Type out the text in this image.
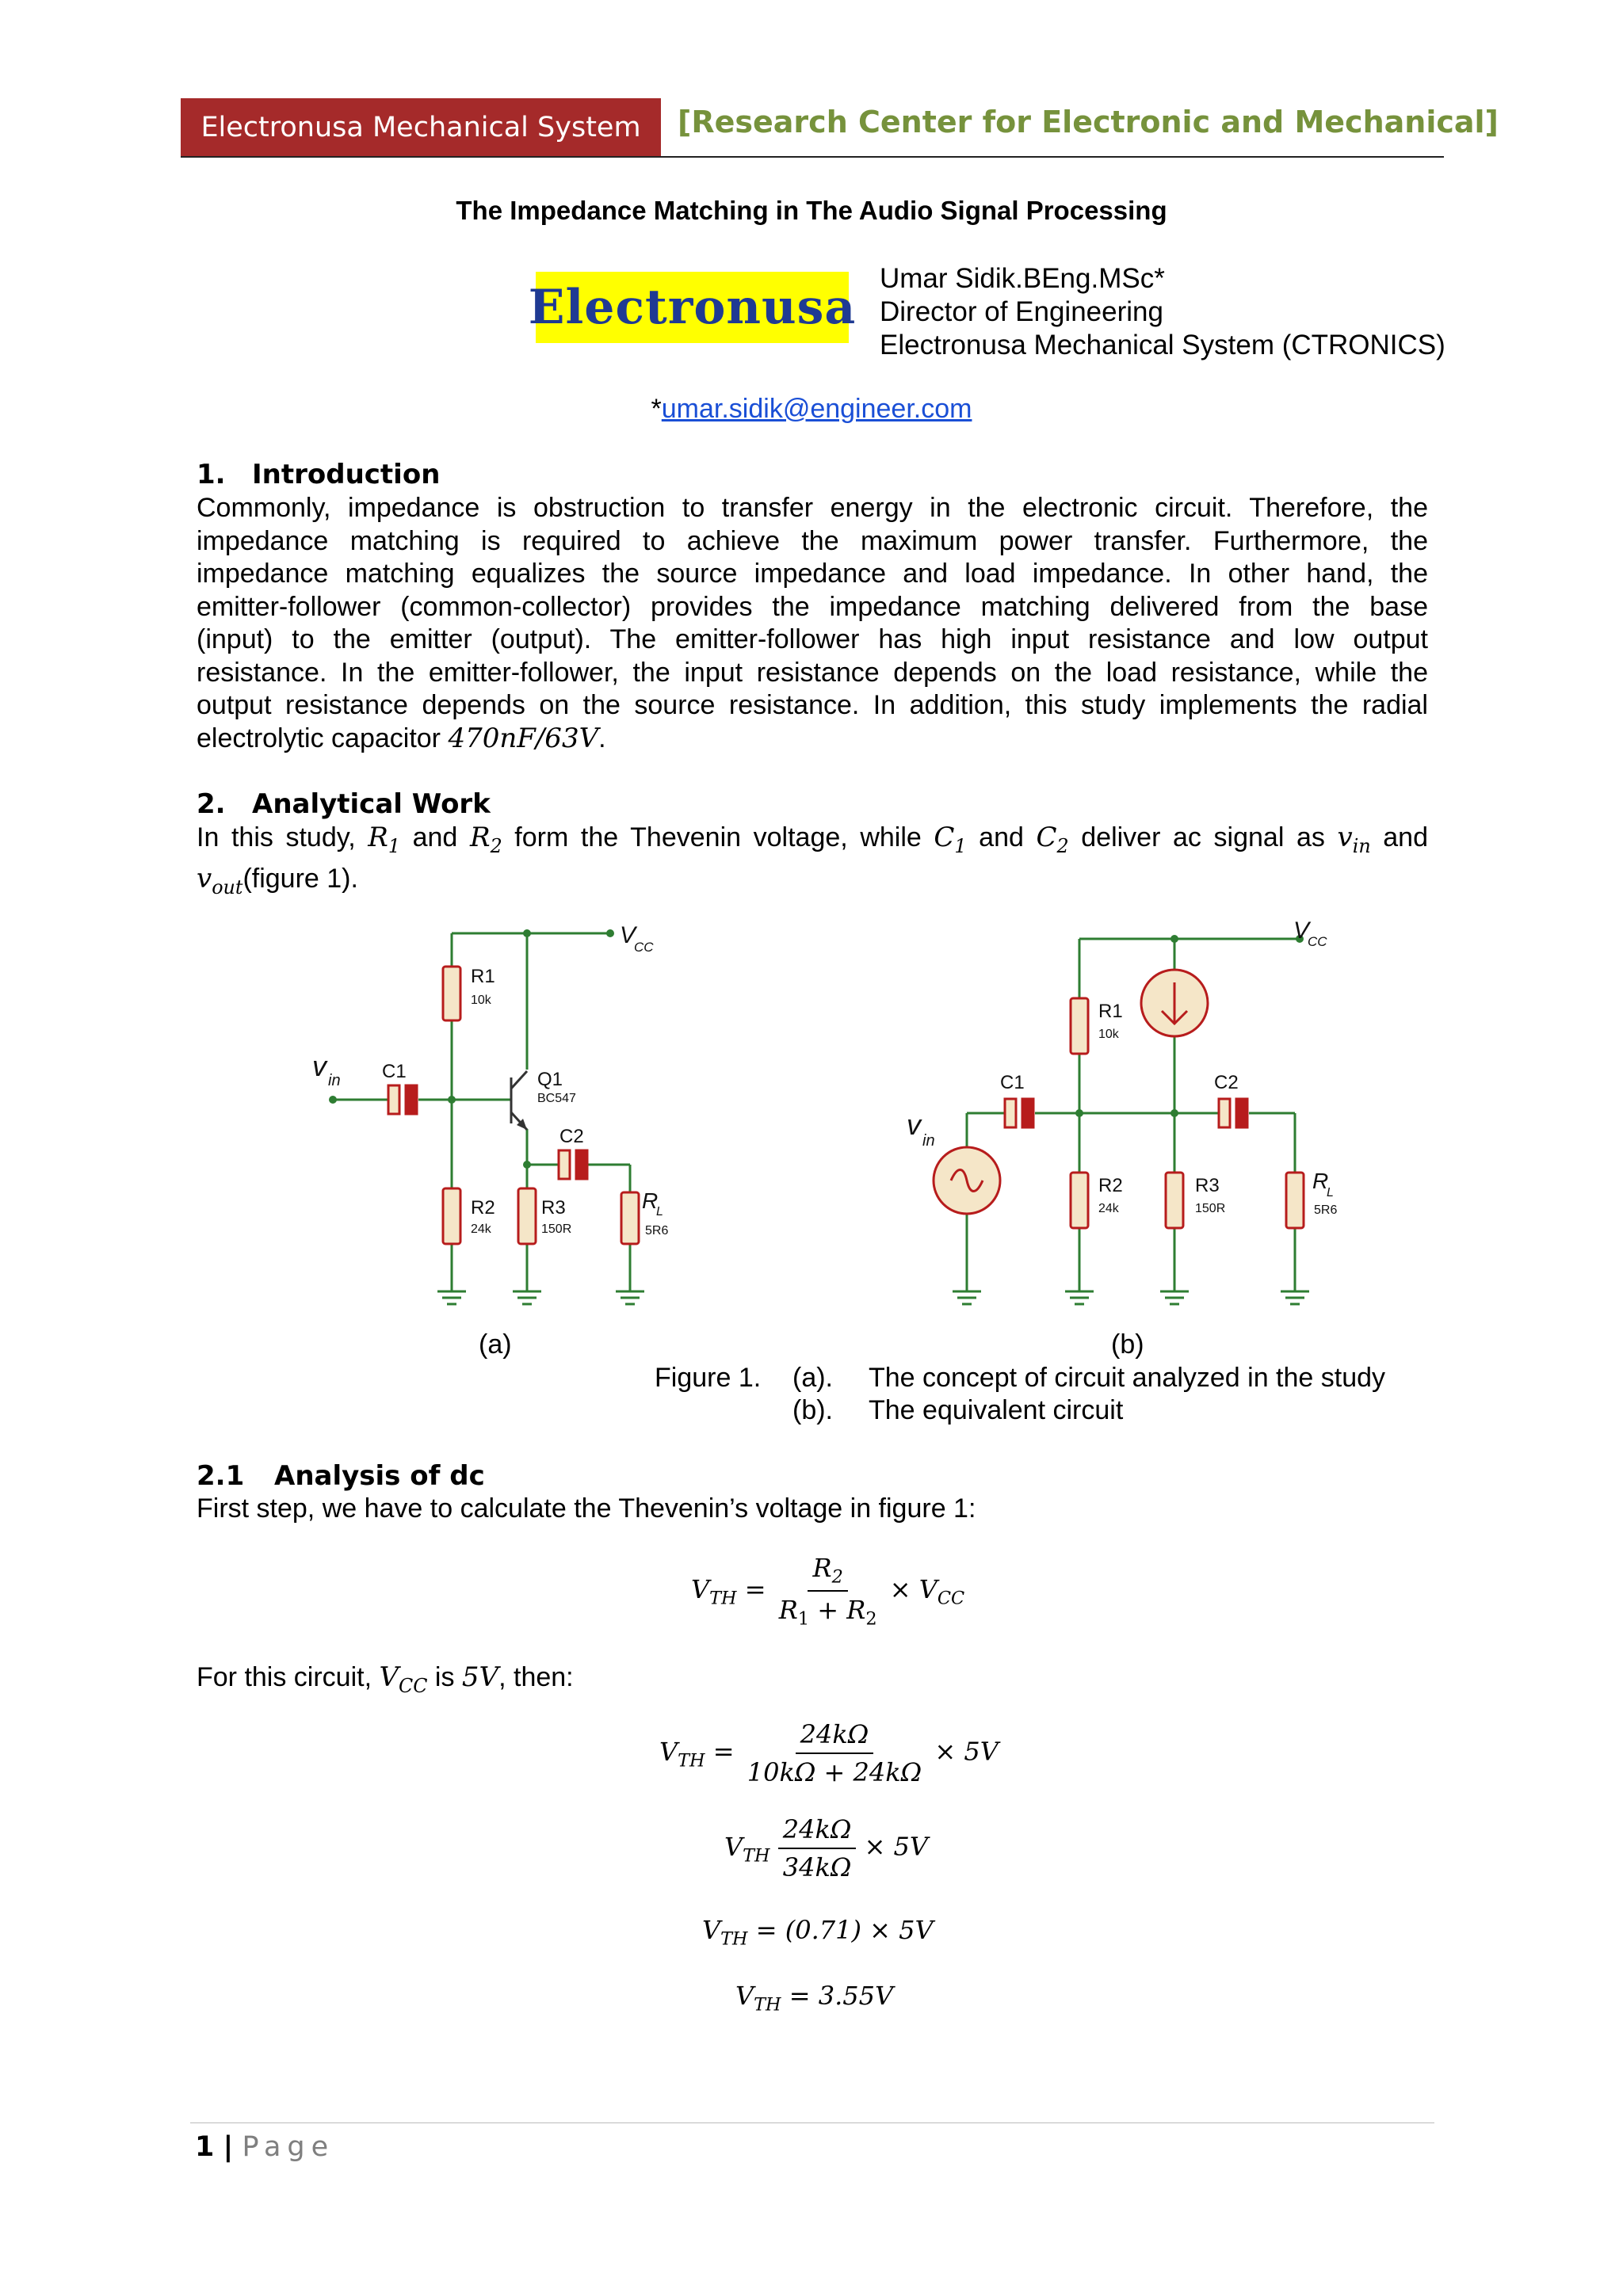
Electronusa Mechanical System [Research Center for Electronic and Mechanical]
The Impedance Matching in The Audio Signal Processing
Electronusa
Umar Sidik.BEng.MSc*
Director of Engineering
Electronusa Mechanical System (CTRONICS)
*umar.sidik@engineer.com
1. Introduction
Commonly, impedance is obstruction to transfer energy in the electronic circuit. Therefore, the
impedance matching is required to achieve the maximum power transfer. Furthermore, the
impedance matching equalizes the source impedance and load impedance. In other hand, the
emitter-follower (common-collector) provides the impedance matching delivered from the base
(input) to the emitter (output). The emitter-follower has high input resistance and low output
resistance. In the emitter-follower, the input resistance depends on the load resistance, while the
output resistance depends on the source resistance. In addition, this study implements the radial
electrolytic capacitor 470nF/63V.
2. Analytical Work
In this study, $R_1$ and $R_2$ form the Thevenin voltage, while $C_1$ and $C_2$ deliver ac signal as $v_{in}$ and
$v_{out}(figure$ 1).
V
CC
v in
R1
10k
C1	Q1
BC547
C2
R2
24k
R3
150R
R
L
5R6
V
CC
v in
R1
10k
C1	C2
R2
24k
R3
150R
R
L
5R6
(a)	(b)
Figure 1. (a). The concept of circuit analyzed in the study
(b). The equivalent circuit
2.1 Analysis of dc
First step, we have to calculate the Thevenin’s voltage in figure 1:
$V_{TH} = \frac{R_2}{R_1 + R_2} \times V_{CC}$
For this circuit, $V_{CC}$ is 5V, then:
$V_{TH} = \frac{24k\Omega}{10k\Omega + 24k\Omega} \times 5V$
$V_{TH} \frac{24k\Omega}{34k\Omega} \times 5V$
$V_{TH} = (0.71) \times 5V$
$V_{TH} = 3.55V$
1 | Page
